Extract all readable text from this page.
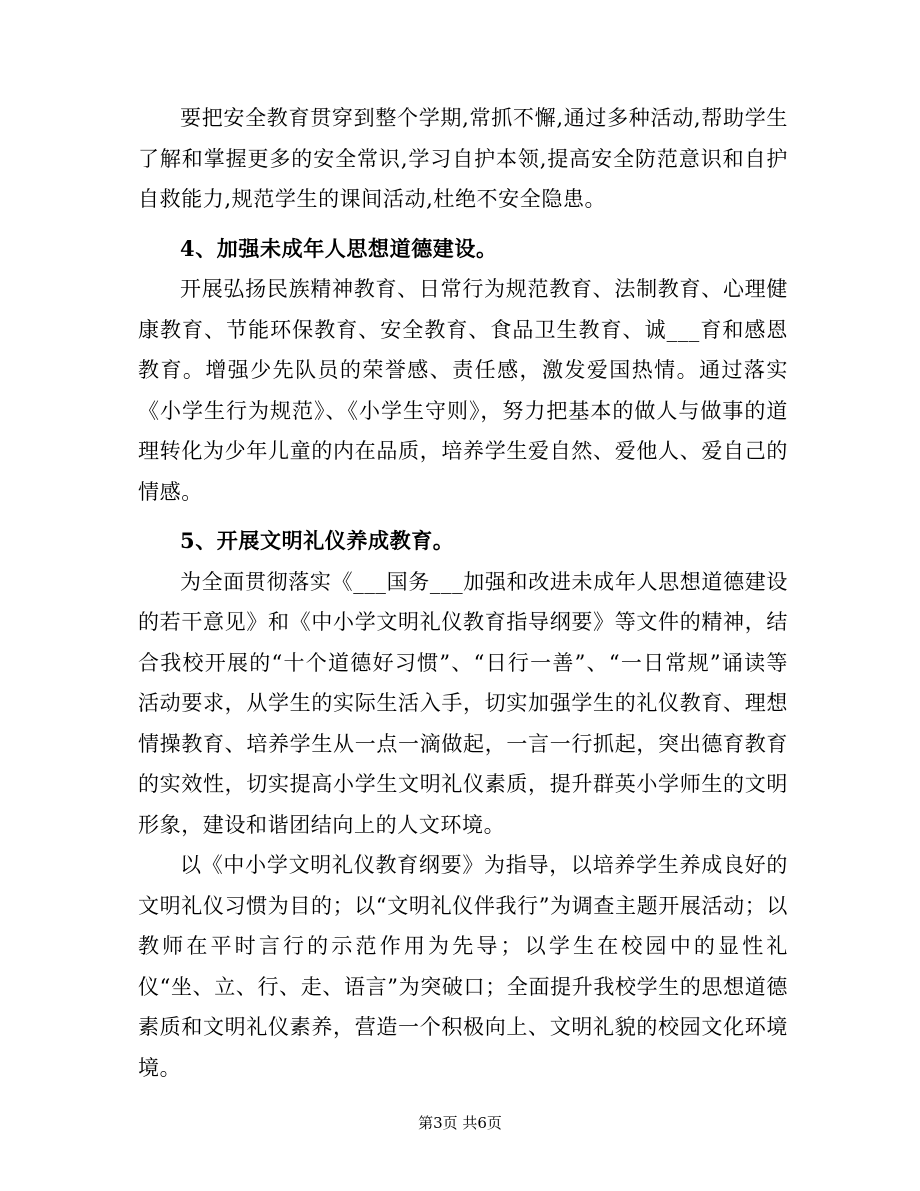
要把安全教育贯穿到整个学期,常抓不懈,通过多种活动,帮助学生了解和掌握更多的安全常识,学习自护本领,提高安全防范意识和自护自救能力,规范学生的课间活动,杜绝不安全隐患。

4、加强未成年人思想道德建设。

开展弘扬民族精神教育、日常行为规范教育、法制教育、心理健康教育、节能环保教育、安全教育、食品卫生教育、诚___育和感恩教育。增强少先队员的荣誉感、责任感，激发爱国热情。通过落实《小学生行为规范》、《小学生守则》，努力把基本的做人与做事的道理转化为少年儿童的内在品质，培养学生爱自然、爱他人、爱自己的情感。

5、开展文明礼仪养成教育。

为全面贯彻落实《___国务___加强和改进未成年人思想道德建设的若干意见》和《中小学文明礼仪教育指导纲要》等文件的精神，结合我校开展的“十个道德好习惯”、“日行一善”、“一日常规”诵读等活动要求，从学生的实际生活入手，切实加强学生的礼仪教育、理想情操教育、培养学生从一点一滴做起，一言一行抓起，突出德育教育的实效性，切实提高小学生文明礼仪素质，提升群英小学师生的文明形象，建设和谐团结向上的人文环境。

以《中小学文明礼仪教育纲要》为指导，以培养学生养成良好的文明礼仪习惯为目的；以“文明礼仪伴我行”为调查主题开展活动；以教师在平时言行的示范作用为先导；以学生在校园中的显性礼仪“坐、立、行、走、语言”为突破口；全面提升我校学生的思想道德素质和文明礼仪素养，营造一个积极向上、文明礼貌的校园文化环境境。

第3页 共6页
